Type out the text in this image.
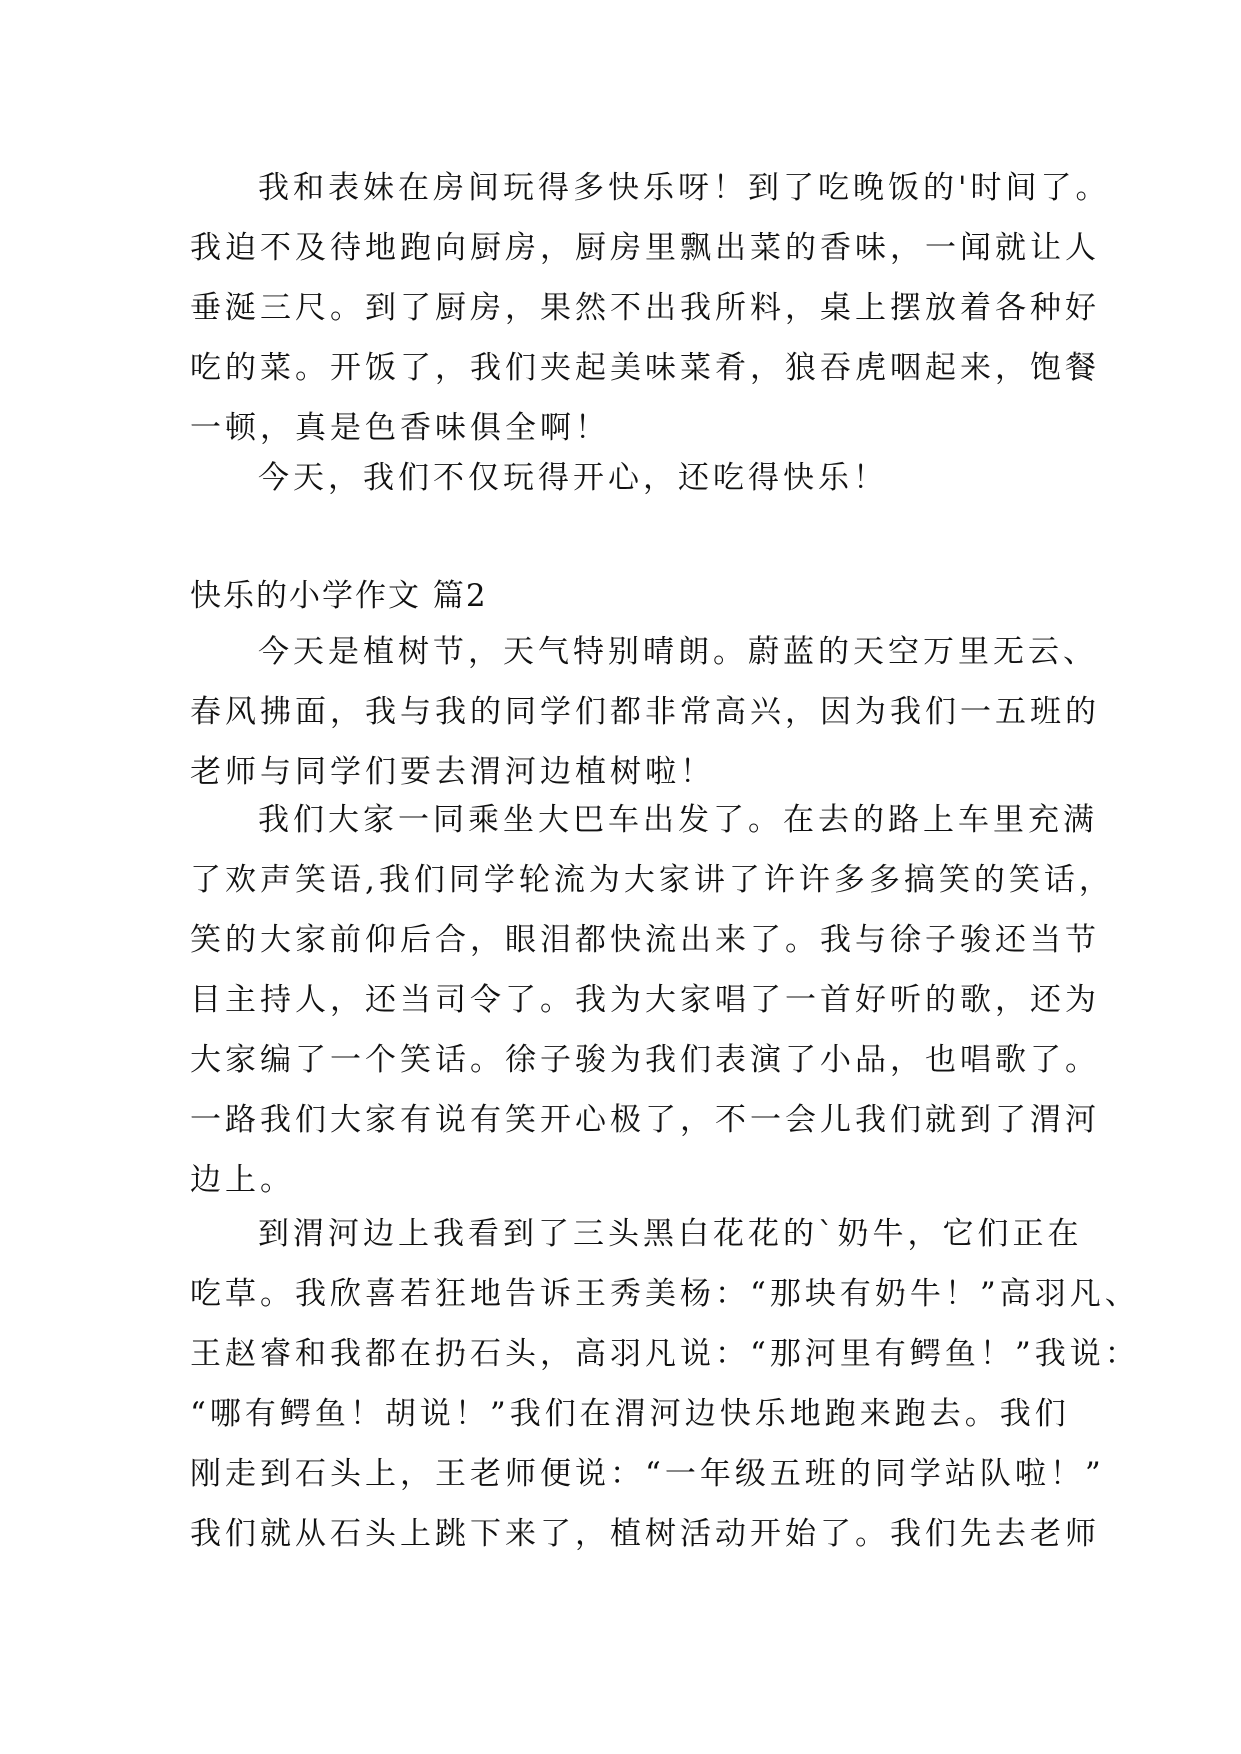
我和表妹在房间玩得多快乐呀！到了吃晚饭的'时间了。
我迫不及待地跑向厨房，厨房里飘出菜的香味，一闻就让人
垂涎三尺。到了厨房，果然不出我所料，桌上摆放着各种好
吃的菜。开饭了，我们夹起美味菜肴，狼吞虎咽起来，饱餐
一顿，真是色香味俱全啊！
今天，我们不仅玩得开心，还吃得快乐！
快乐的小学作文 篇2
今天是植树节，天气特别晴朗。蔚蓝的天空万里无云、
春风拂面，我与我的同学们都非常高兴，因为我们一五班的
老师与同学们要去渭河边植树啦！
我们大家一同乘坐大巴车出发了。在去的路上车里充满
了欢声笑语,我们同学轮流为大家讲了许许多多搞笑的笑话，
笑的大家前仰后合，眼泪都快流出来了。我与徐子骏还当节
目主持人，还当司令了。我为大家唱了一首好听的歌，还为
大家编了一个笑话。徐子骏为我们表演了小品，也唱歌了。
一路我们大家有说有笑开心极了，不一会儿我们就到了渭河
边上。
到渭河边上我看到了三头黑白花花的`奶牛，它们正在
吃草。我欣喜若狂地告诉王秀美杨：“那块有奶牛！”高羽凡、
王赵睿和我都在扔石头，高羽凡说：“那河里有鳄鱼！”我说：
“哪有鳄鱼！胡说！”我们在渭河边快乐地跑来跑去。我们
刚走到石头上，王老师便说：“一年级五班的同学站队啦！”
我们就从石头上跳下来了，植树活动开始了。我们先去老师
